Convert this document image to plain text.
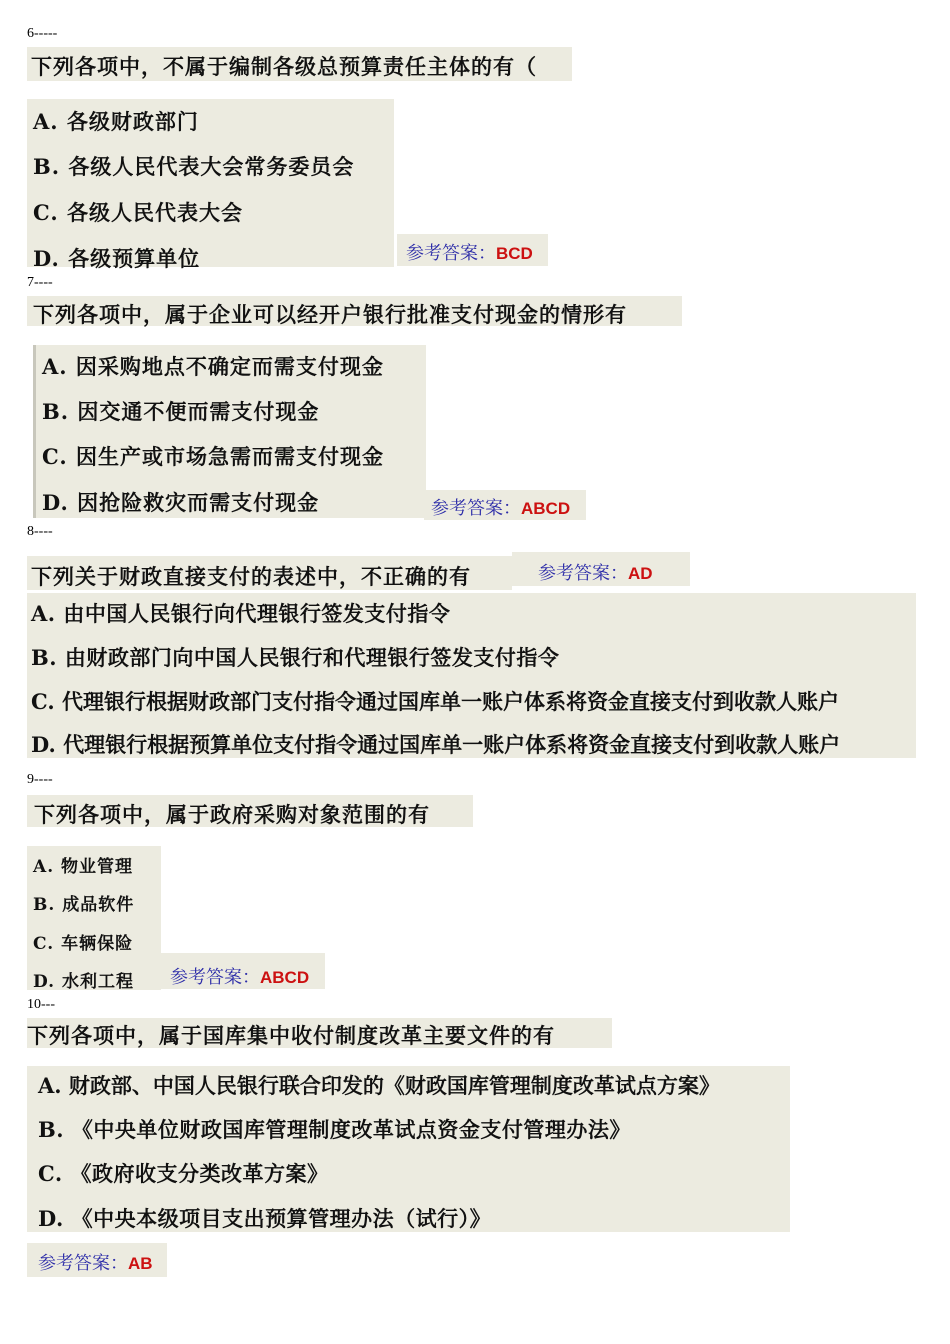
6-----
下列各项中，不属于编制各级总预算责任主体的有（
A. 各级财政部门
B. 各级人民代表大会常务委员会
C. 各级人民代表大会
D. 各级预算单位	参考答案：BCD
7----
下列各项中，属于企业可以经开户银行批准支付现金的情形有
A. 因采购地点不确定而需支付现金
B. 因交通不便而需支付现金
C. 因生产或市场急需而需支付现金
D. 因抢险救灾而需支付现金	参考答案：ABCD
8----
下列关于财政直接支付的表述中，不正确的有	参考答案：AD
A. 由中国人民银行向代理银行签发支付指令
B. 由财政部门向中国人民银行和代理银行签发支付指令
C. 代理银行根据财政部门支付指令通过国库单一账户体系将资金直接支付到收款人账户
D. 代理银行根据预算单位支付指令通过国库单一账户体系将资金直接支付到收款人账户
9----
下列各项中，属于政府采购对象范围的有
A. 物业管理
B. 成品软件
C. 车辆保险
D. 水利工程 参考答案：ABCD
10---
下列各项中，属于国库集中收付制度改革主要文件的有
A. 财政部、中国人民银行联合印发的《财政国库管理制度改革试点方案》
B. 《中央单位财政国库管理制度改革试点资金支付管理办法》
C. 《政府收支分类改革方案》
D. 《中央本级项目支出预算管理办法（试行）》
参考答案：AB
